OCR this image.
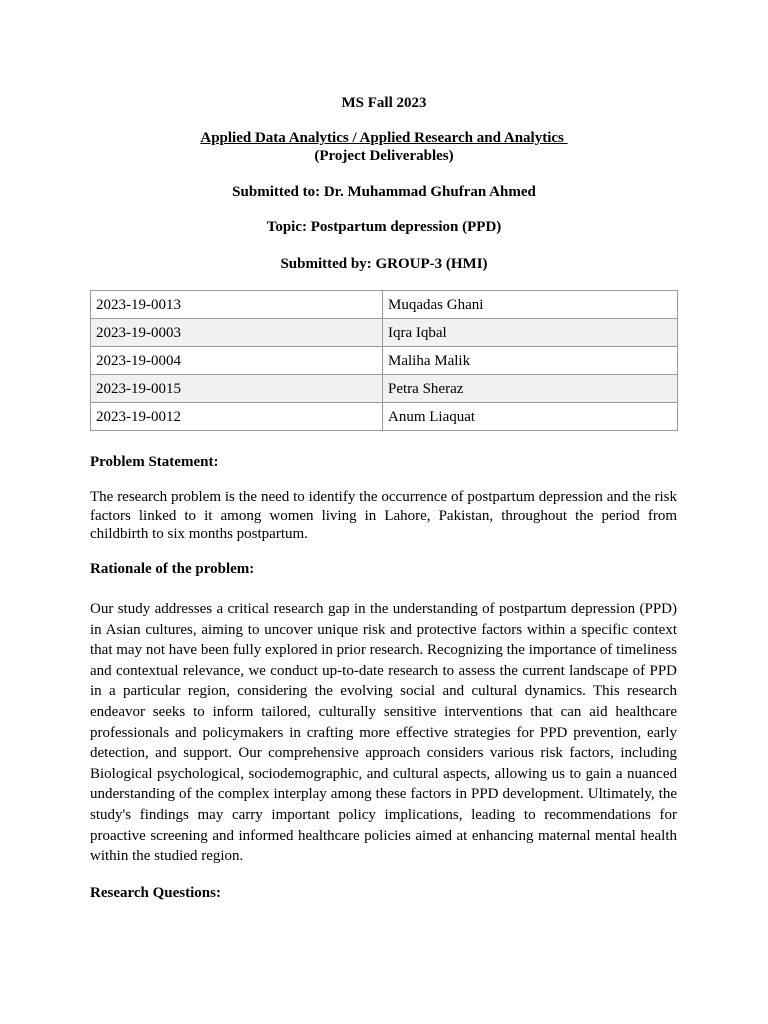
MS Fall 2023
Applied Data Analytics / Applied Research and Analytics
(Project Deliverables)
Submitted to: Dr. Muhammad Ghufran Ahmed
Topic: Postpartum depression (PPD)
Submitted by: GROUP-3 (HMI)
2023-19-0013	Muqadas Ghani
2023-19-0003	Iqra Iqbal
2023-19-0004	Maliha Malik
2023-19-0015	Petra Sheraz
2023-19-0012	Anum Liaquat
Problem Statement:
The research problem is the need to identify the occurrence of postpartum depression and the risk factors linked to it among women living in Lahore, Pakistan, throughout the period from childbirth to six months postpartum.
Rationale of the problem:
Our study addresses a critical research gap in the understanding of postpartum depression (PPD) in Asian cultures, aiming to uncover unique risk and protective factors within a specific context that may not have been fully explored in prior research. Recognizing the importance of timeliness and contextual relevance, we conduct up-to-date research to assess the current landscape of PPD in a particular region, considering the evolving social and cultural dynamics. This research endeavor seeks to inform tailored, culturally sensitive interventions that can aid healthcare professionals and policymakers in crafting more effective strategies for PPD prevention, early detection, and support. Our comprehensive approach considers various risk factors, including Biological psychological, sociodemographic, and cultural aspects, allowing us to gain a nuanced understanding of the complex interplay among these factors in PPD development. Ultimately, the study's findings may carry important policy implications, leading to recommendations for proactive screening and informed healthcare policies aimed at enhancing maternal mental health within the studied region.
Research Questions:
